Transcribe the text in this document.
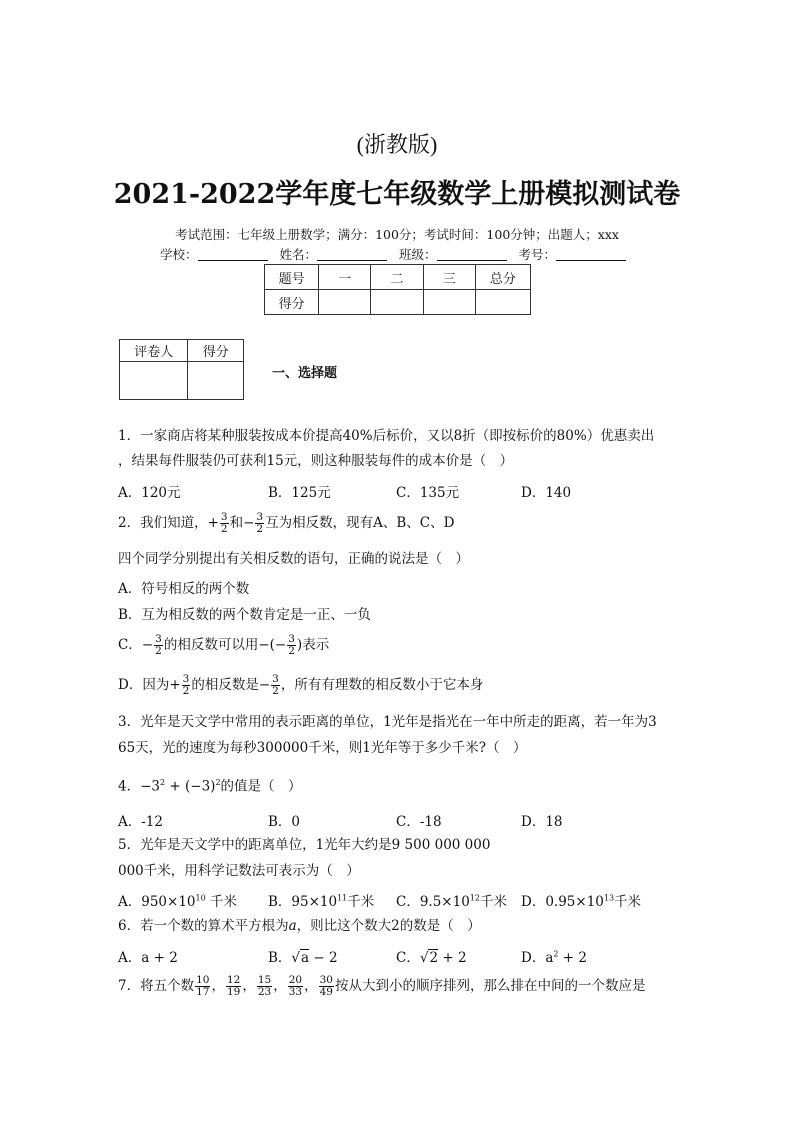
(浙教版)
2021-2022学年度七年级数学上册模拟测试卷
考试范围：七年级上册数学；满分：100分；考试时间：100分钟；出题人；xxx
学校：	姓名：	班级：	考号：
题号	一	二	三	总分
得分				
评卷人	得分

一、选择题
1．一家商店将某种服装按成本价提高40%后标价，又以8折（即按标价的80%）优惠卖出
，结果每件服装仍可获利15元，则这种服装每件的成本价是（　）
A．120元	B．125元	C．135元	D．140
2．我们知道，+ $\frac{3}{2}$ 和− $\frac{3}{2}$ 互为相反数，现有A、B、C、D
四个同学分别提出有关相反数的语句，正确的说法是（　）
A．符号相反的两个数
B．互为相反数的两个数肯定是一正、一负
C．− $\frac{3}{2}$ 的相反数可以用−(− $\frac{3}{2}$ )表示
D．因为+ $\frac{3}{2}$ 的相反数是− $\frac{3}{2}$ ，所有有理数的相反数小于它本身
3．光年是天文学中常用的表示距离的单位，1光年是指光在一年中所走的距离，若一年为3
65天，光的速度为每秒300000千米，则1光年等于多少千米?（　）
4．$-3^2 + (-3)^2$的值是（　）
A．-12	B．0	C．-18	D．18
5．光年是天文学中的距离单位，1光年大约是9 500 000 000
000千米，用科学记数法可表示为（　）
A．$950\times 10^{10}$ 千米 B．$95\times 10^{11}$千米 C．$9.5\times 10^{12}$千米 D．$0.95\times 10^{13}$千米
6．若一个数的算术平方根为a，则比这个数大2的数是（　）
A．a + 2	B．√a − 2	C．√2 + 2	D．$a^2 + 2$
7．将五个数 $\frac{10}{17}$ ， $\frac{12}{19}$ ， $\frac{15}{23}$ ， $\frac{20}{33}$ ， $\frac{30}{49}$ 按从大到小的顺序排列，那么排在中间的一个数应是
